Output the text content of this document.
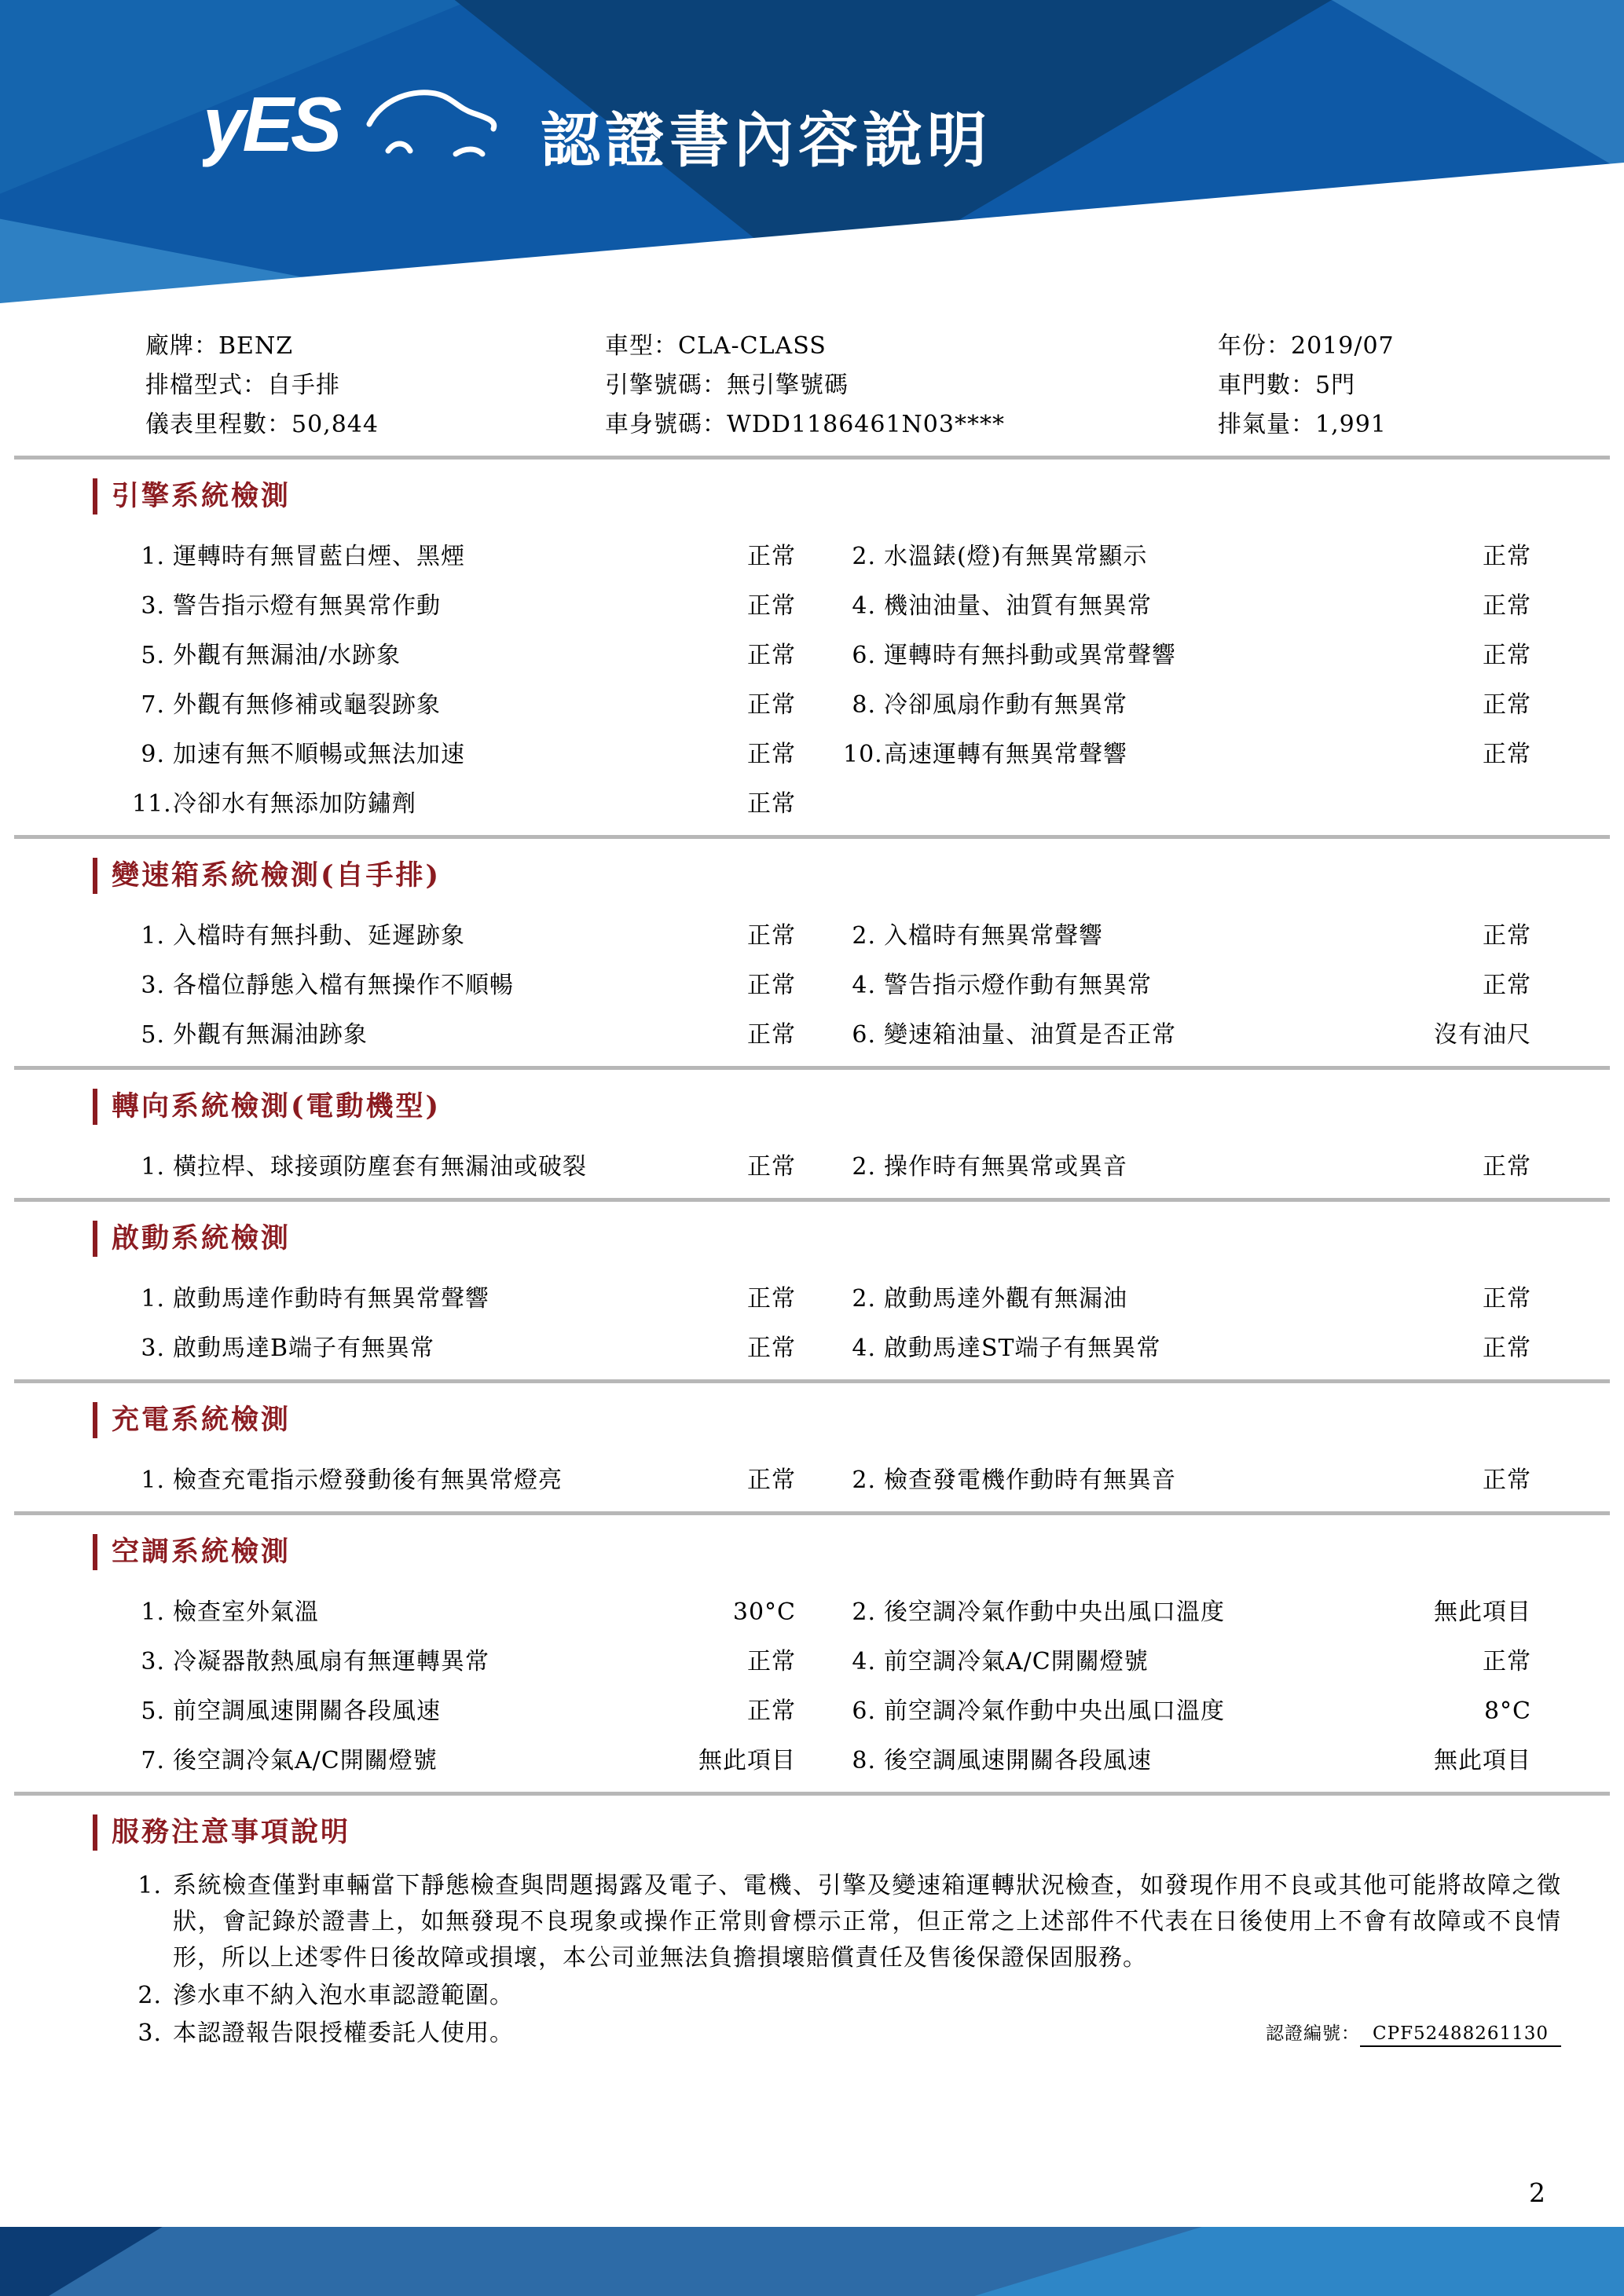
yES	認證書內容說明
廠牌：BENZ	車型：CLA-CLASS	年份：2019/07
排檔型式：自手排	引擎號碼：無引擎號碼	車門數：5門
儀表里程數：50,844	車身號碼：WDD1186461N03****	排氣量：1,991
引擎系統檢測
1. 運轉時有無冒藍白煙、黑煙	正常	2. 水溫錶(燈)有無異常顯示	正常
3. 警告指示燈有無異常作動	正常	4. 機油油量、油質有無異常	正常
5. 外觀有無漏油/水跡象	正常	6. 運轉時有無抖動或異常聲響	正常
7. 外觀有無修補或龜裂跡象	正常	8. 冷卻風扇作動有無異常	正常
9. 加速有無不順暢或無法加速	正常 10. 高速運轉有無異常聲響	正常
11. 冷卻水有無添加防鏽劑	正常
變速箱系統檢測(自手排)
1. 入檔時有無抖動、延遲跡象	正常	2. 入檔時有無異常聲響	正常
3. 各檔位靜態入檔有無操作不順暢	正常	4. 警告指示燈作動有無異常	正常
5. 外觀有無漏油跡象	正常	6. 變速箱油量、油質是否正常	沒有油尺
轉向系統檢測(電動機型)
1. 橫拉桿、球接頭防塵套有無漏油或破裂	正常	2. 操作時有無異常或異音	正常
啟動系統檢測
1. 啟動馬達作動時有無異常聲響	正常	2. 啟動馬達外觀有無漏油	正常
3. 啟動馬達B端子有無異常	正常	4. 啟動馬達ST端子有無異常	正常
充電系統檢測
1. 檢查充電指示燈發動後有無異常燈亮	正常	2. 檢查發電機作動時有無異音	正常
空調系統檢測
1. 檢查室外氣溫	30°C	2. 後空調冷氣作動中央出風口溫度	無此項目
3. 冷凝器散熱風扇有無運轉異常	正常	4. 前空調冷氣A/C開關燈號	正常
5. 前空調風速開關各段風速	正常	6. 前空調冷氣作動中央出風口溫度	8°C
7. 後空調冷氣A/C開關燈號	無此項目	8. 後空調風速開關各段風速	無此項目
服務注意事項說明
1. 系統檢查僅對車輛當下靜態檢查與問題揭露及電子、電機、引擎及變速箱運轉狀況檢查，如發現作用不良或其他可能將故障之徵狀，會記錄於證書上，如無發現不良現象或操作正常則會標示正常，但正常之上述部件不代表在日後使用上不會有故障或不良情形，所以上述零件日後故障或損壞，本公司並無法負擔損壞賠償責任及售後保證保固服務。
2. 滲水車不納入泡水車認證範圍。
3. 本認證報告限授權委託人使用。	認證編號： CPF52488261130
2
